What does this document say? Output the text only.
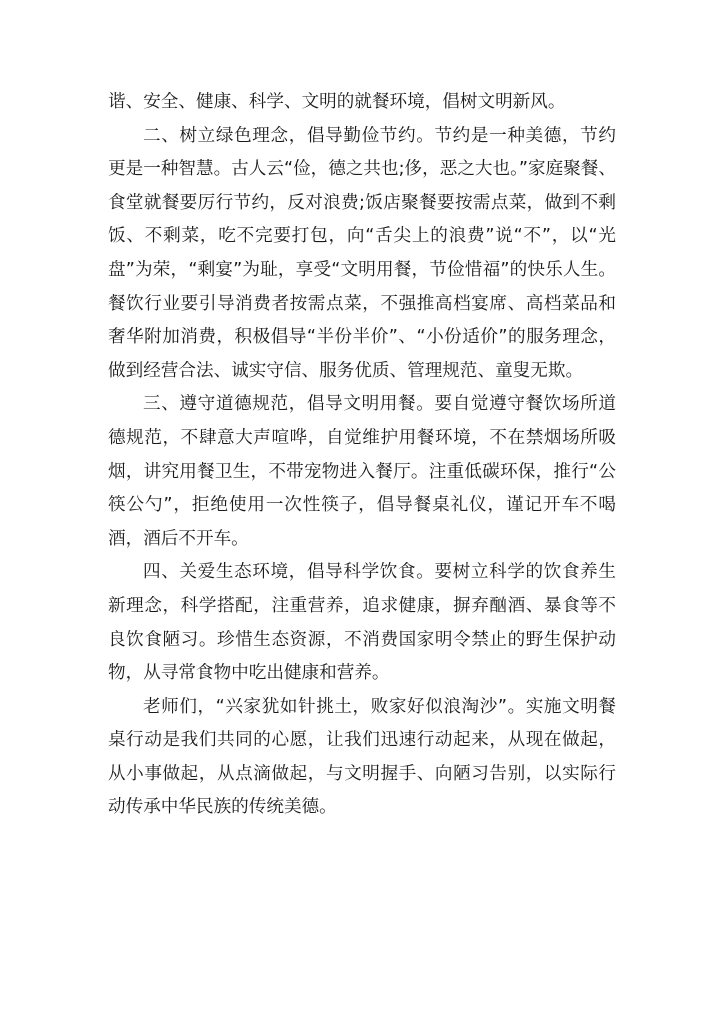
谐、安全、健康、科学、文明的就餐环境，倡树文明新风。

二、树立绿色理念，倡导勤俭节约。节约是一种美德，节约更是一种智慧。古人云“俭，德之共也;侈，恶之大也。”家庭聚餐、食堂就餐要厉行节约，反对浪费;饭店聚餐要按需点菜，做到不剩饭、不剩菜，吃不完要打包，向“舌尖上的浪费”说“不”，以“光盘”为荣，“剩宴”为耻，享受“文明用餐，节俭惜福”的快乐人生。餐饮行业要引导消费者按需点菜，不强推高档宴席、高档菜品和奢华附加消费，积极倡导“半份半价”、“小份适价”的服务理念，做到经营合法、诚实守信、服务优质、管理规范、童叟无欺。

三、遵守道德规范，倡导文明用餐。要自觉遵守餐饮场所道德规范，不肆意大声喧哗，自觉维护用餐环境，不在禁烟场所吸烟，讲究用餐卫生，不带宠物进入餐厅。注重低碳环保，推行“公筷公勺”，拒绝使用一次性筷子，倡导餐桌礼仪，谨记开车不喝酒，酒后不开车。

四、关爱生态环境，倡导科学饮食。要树立科学的饮食养生新理念，科学搭配，注重营养，追求健康，摒弃酗酒、暴食等不良饮食陋习。珍惜生态资源，不消费国家明令禁止的野生保护动物，从寻常食物中吃出健康和营养。

老师们，“兴家犹如针挑土，败家好似浪淘沙”。实施文明餐桌行动是我们共同的心愿，让我们迅速行动起来，从现在做起，从小事做起，从点滴做起，与文明握手、向陋习告别，以实际行动传承中华民族的传统美德。
